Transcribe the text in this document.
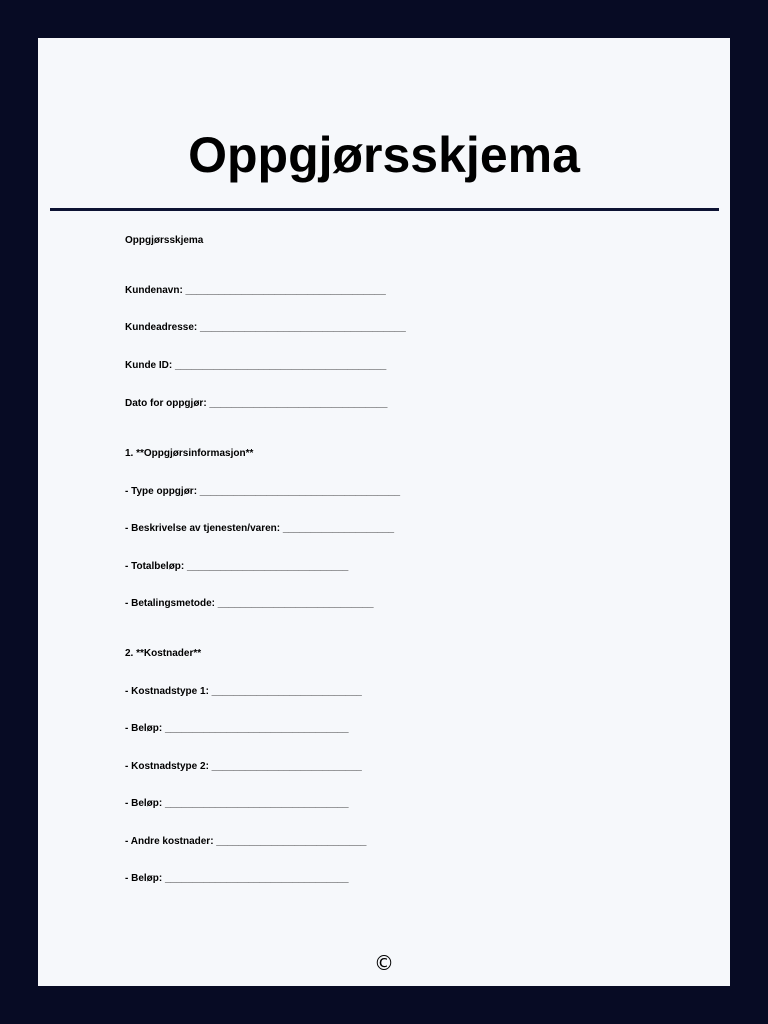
Oppgjørsskjema

Oppgjørsskjema

Kundenavn: ____________________________________

Kundeadresse: _____________________________________

Kunde ID: ______________________________________

Dato for oppgjør: ________________________________

1. **Oppgjørsinformasjon**

- Type oppgjør: ____________________________________

- Beskrivelse av tjenesten/varen: ____________________

- Totalbeløp: _____________________________

- Betalingsmetode: ____________________________

2. **Kostnader**

- Kostnadstype 1: ___________________________

- Beløp: _________________________________

- Kostnadstype 2: ___________________________

- Beløp: _________________________________

- Andre kostnader: ___________________________

- Beløp: _________________________________

©
